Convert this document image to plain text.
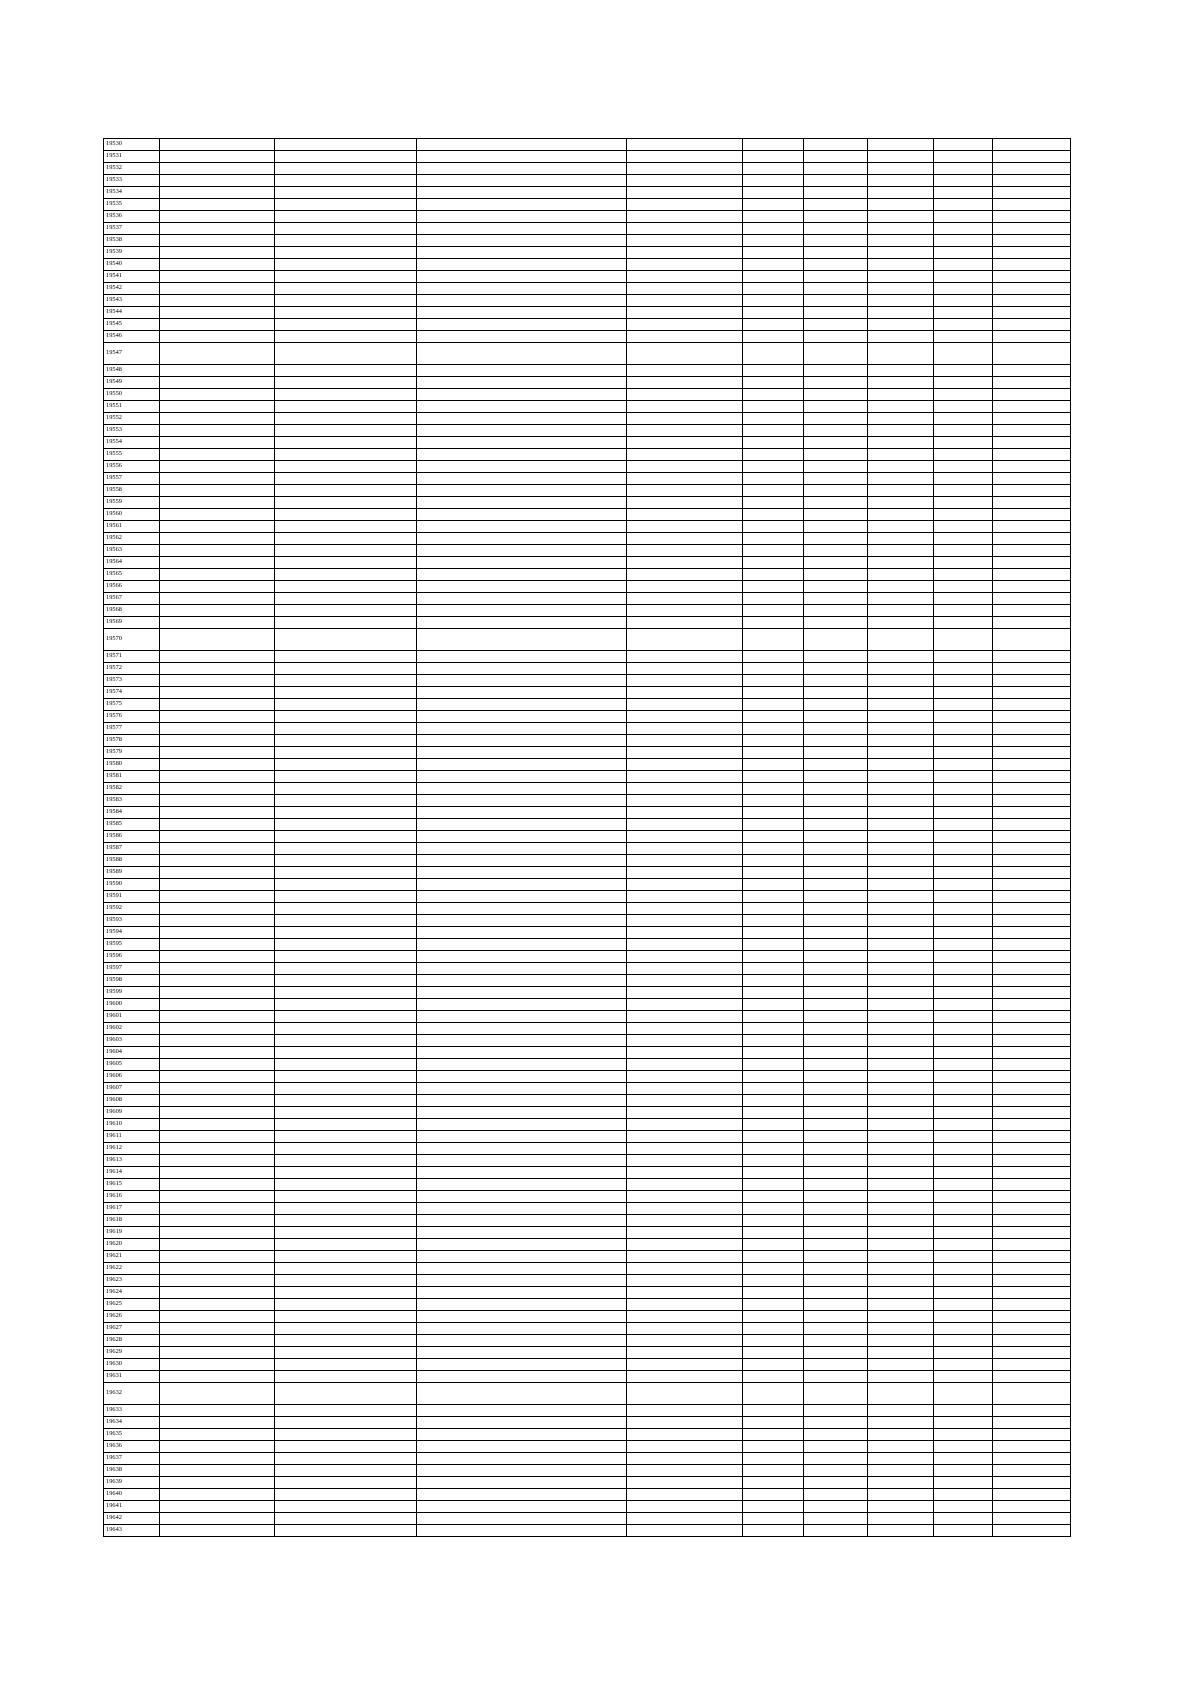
19530									
19531									
19532									
19533									
19534									
19535									
19536									
19537									
19538									
19539									
19540									
19541									
19542									
19543									
19544									
19545									
19546									
19547									
19548									
19549									
19550									
19551									
19552									
19553									
19554									
19555									
19556									
19557									
19558									
19559									
19560									
19561									
19562									
19563									
19564									
19565									
19566									
19567									
19568									
19569									
19570									
19571									
19572									
19573									
19574									
19575									
19576									
19577									
19578									
19579									
19580									
19581									
19582									
19583									
19584									
19585									
19586									
19587									
19588									
19589									
19590									
19591									
19592									
19593									
19594									
19595									
19596									
19597									
19598									
19599									
19600									
19601									
19602									
19603									
19604									
19605									
19606									
19607									
19608									
19609									
19610									
19611									
19612									
19613									
19614									
19615									
19616									
19617									
19618									
19619									
19620									
19621									
19622									
19623									
19624									
19625									
19626									
19627									
19628									
19629									
19630									
19631									
19632									
19633									
19634									
19635									
19636									
19637									
19638									
19639									
19640									
19641									
19642									
19643									
